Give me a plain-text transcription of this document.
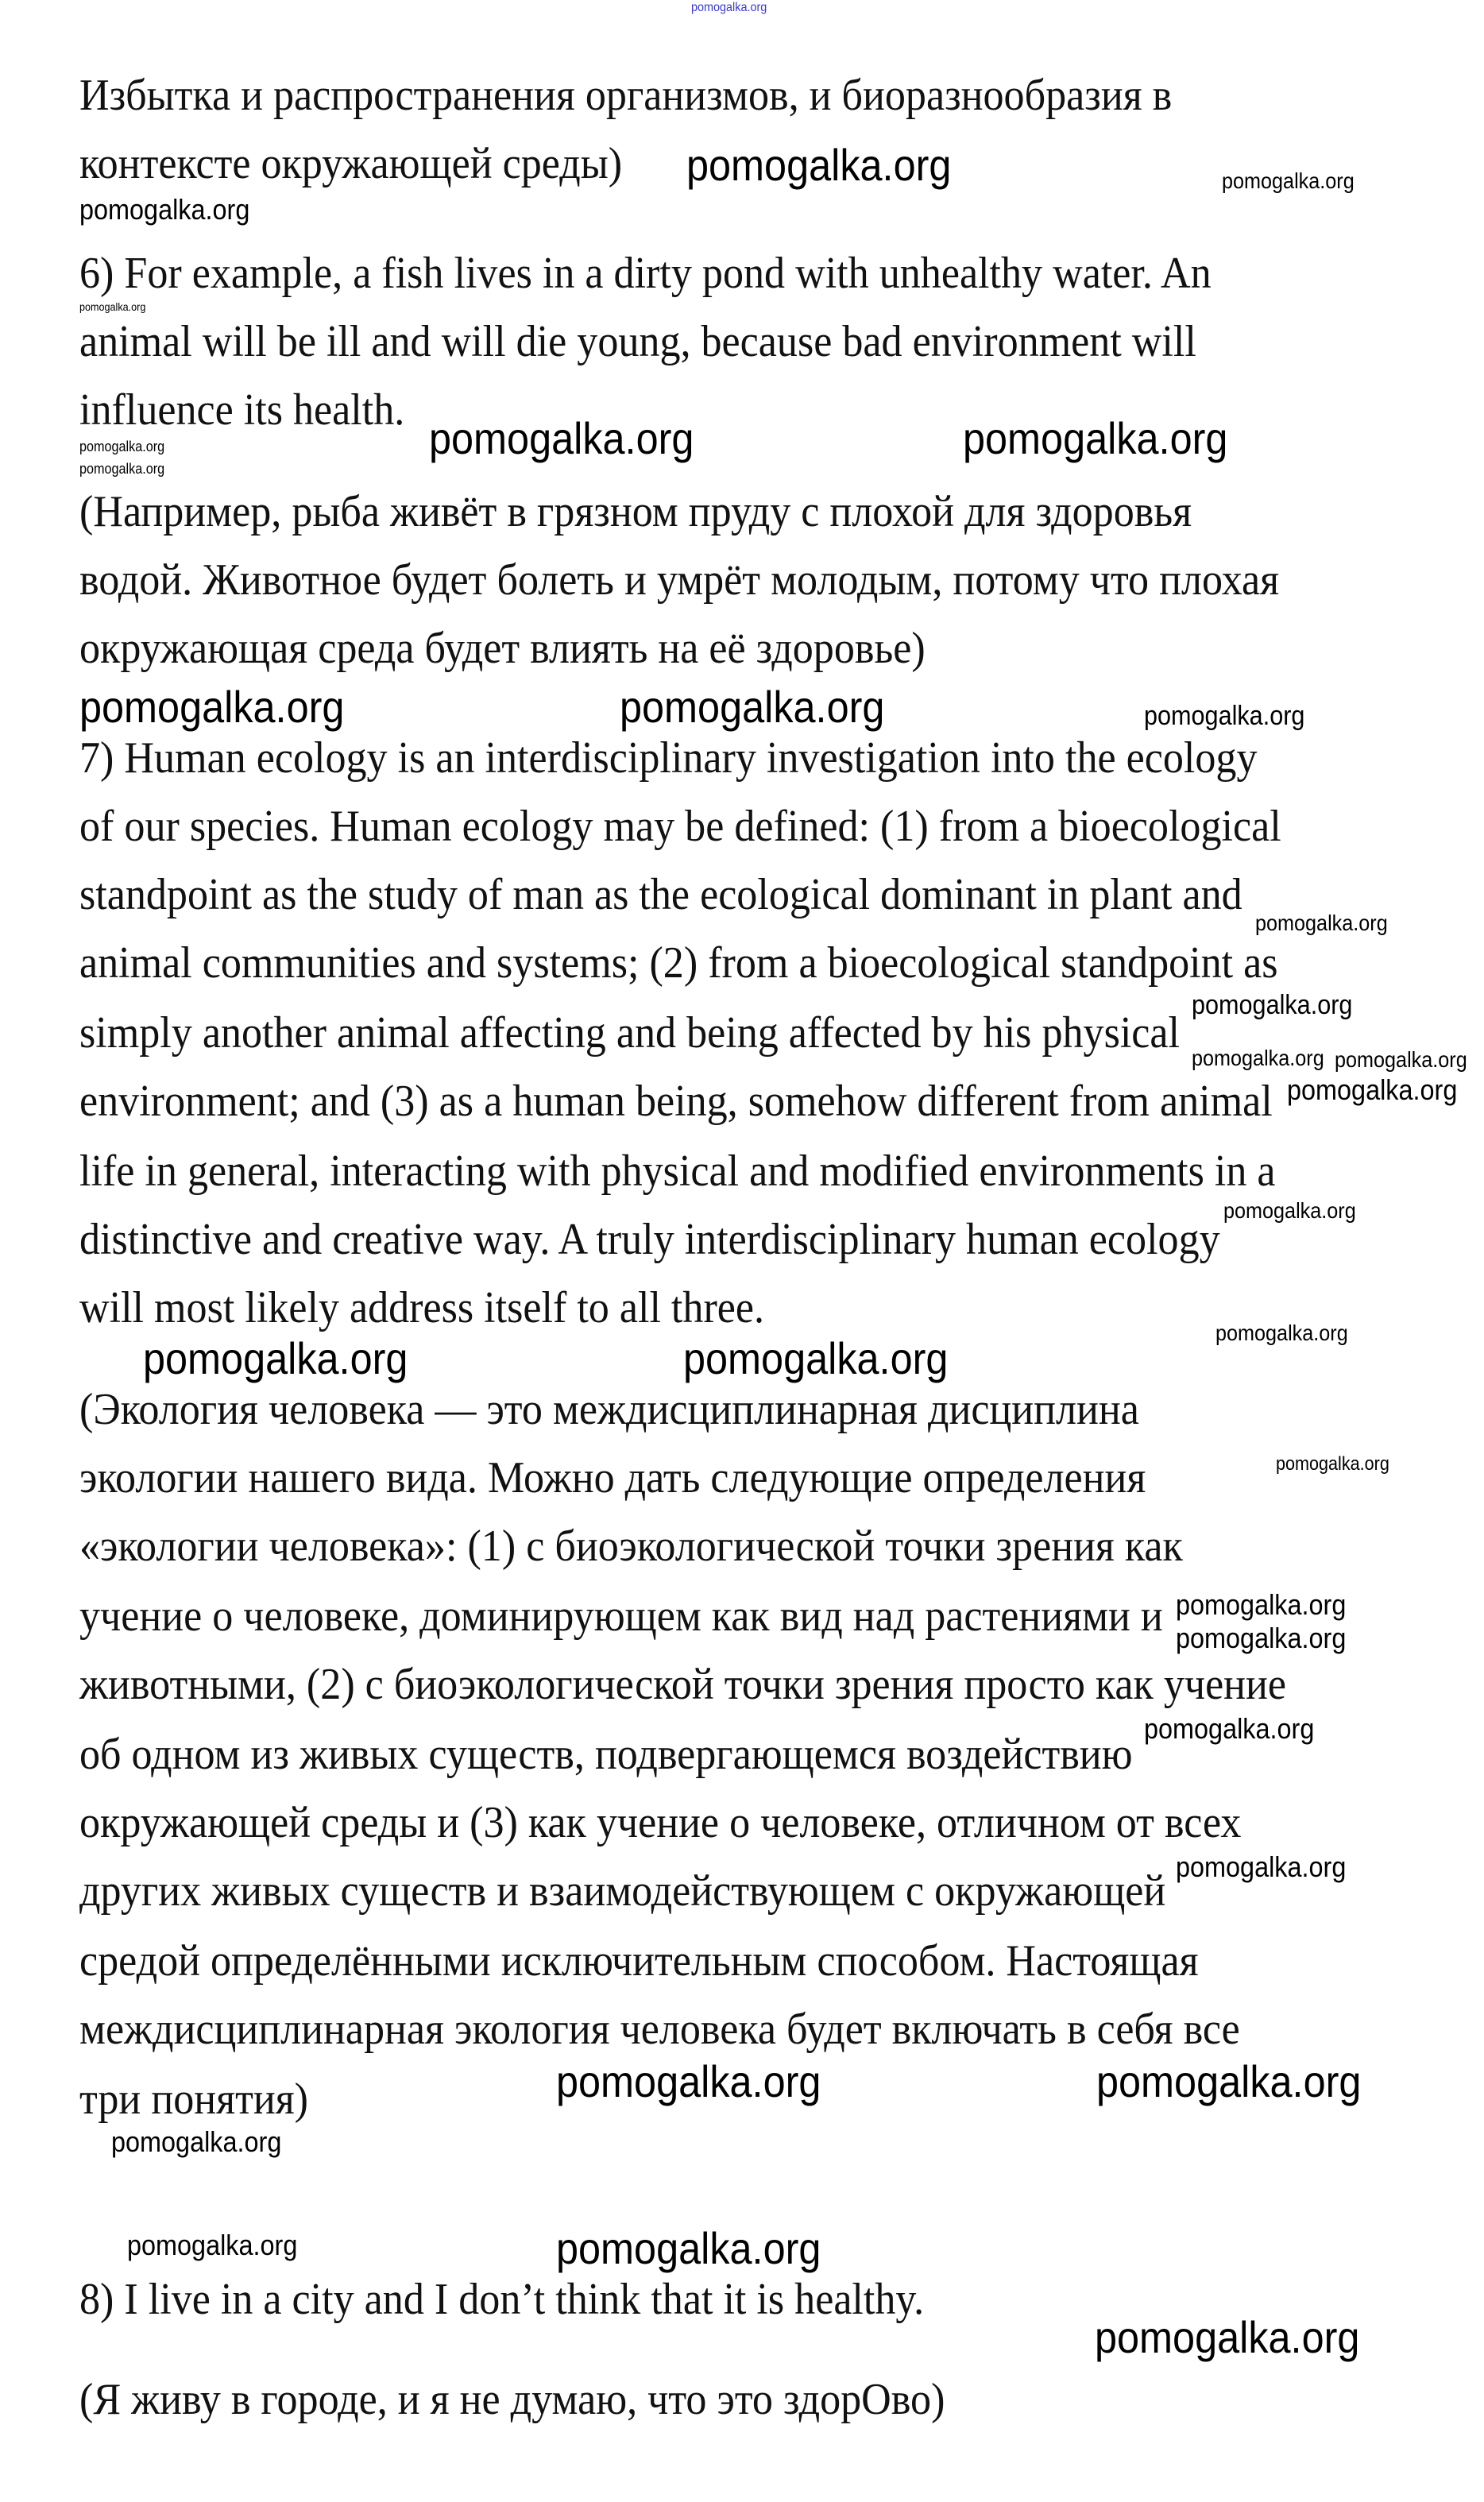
Избытка и распространения организмов, и биоразнообразия в
контексте окружающей среды)
6) For example, a fish lives in a dirty pond with unhealthy water. An
animal will be ill and will die young, because bad environment will
influence its health.
(Например, рыба живёт в грязном пруду с плохой для здоровья
водой. Животное будет болеть и умрёт молодым, потому что плохая
окружающая среда будет влиять на её здоровье)
7) Human ecology is an interdisciplinary investigation into the ecology
of our species. Human ecology may be defined: (1) from a bioecological
standpoint as the study of man as the ecological dominant in plant and
animal communities and systems; (2) from a bioecological standpoint as
simply another animal affecting and being affected by his physical
environment; and (3) as a human being, somehow different from animal
life in general, interacting with physical and modified environments in a
distinctive and creative way. A truly interdisciplinary human ecology
will most likely address itself to all three.
(Экология человека — это междисциплинарная дисциплина
экологии нашего вида. Можно дать следующие определения
«экологии человека»: (1) с биоэкологической точки зрения как
учение о человеке, доминирующем как вид над растениями и
животными, (2) с биоэкологической точки зрения просто как учение
об одном из живых существ, подвергающемся воздействию
окружающей среды и (3) как учение о человеке, отличном от всех
других живых существ и взаимодействующем с окружающей
средой определёнными исключительным способом. Настоящая
междисциплинарная экология человека будет включать в себя все
три понятия)
8) I live in a city and I don’t think that it is healthy.
(Я живу в городе, и я не думаю, что это здорОво)
pomogalka.org
pomogalka.org
pomogalka.org	pomogalka.org
pomogalka.org
pomogalka.org
pomogalka.org
pomogalka.org	pomogalka.org
pomogalka.org	pomogalka.org	pomogalka.org
pomogalka.org
pomogalka.org
pomogalka.org
pomogalka.org
pomogalka.org
pomogalka.org
pomogalka.org
pomogalka.org	pomogalka.org
pomogalka.org
pomogalka.org
pomogalka.org
pomogalka.org
pomogalka.org
pomogalka.org
pomogalka.org	pomogalka.org
pomogalka.org	pomogalka.org
pomogalka.org
